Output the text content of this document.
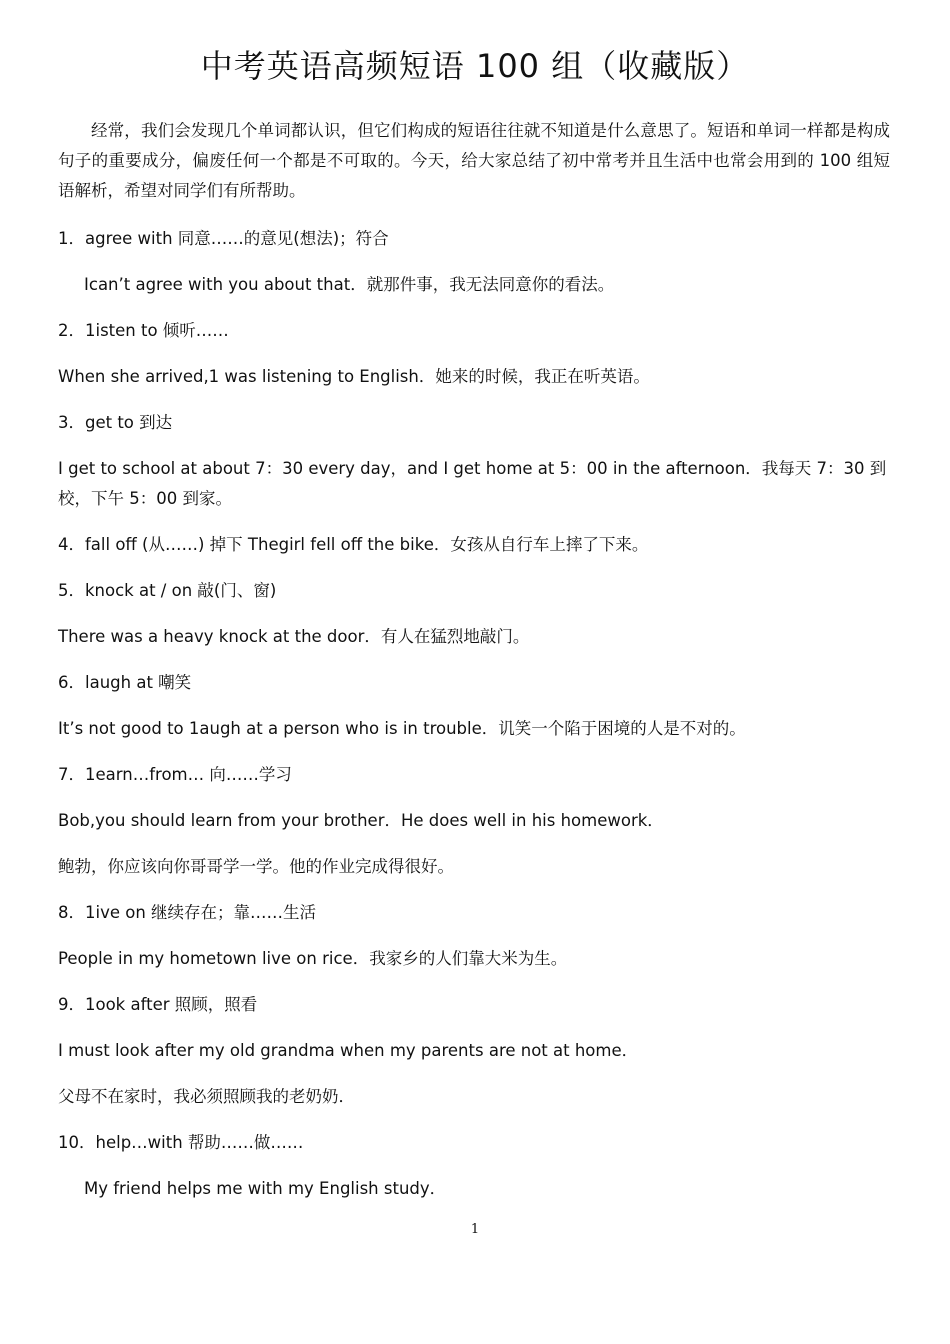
中考英语高频短语 100 组（收藏版）

经常，我们会发现几个单词都认识，但它们构成的短语往往就不知道是什么意思了。短语和单词一样都是构成句子的重要成分，偏废任何一个都是不可取的。今天，给大家总结了初中常考并且生活中也常会用到的 100 组短语解析，希望对同学们有所帮助。

1．agree with 同意……的意见(想法)；符合

Ican’t agree with you about that．就那件事，我无法同意你的看法。

2．1isten to 倾听……

When she arrived,1 was listening to English．她来的时候，我正在听英语。

3．get to 到达

I get to school at about 7：30 every day，and I get home at 5：00 in the afternoon．我每天 7：30 到校，下午 5：00 到家。

4．fall off (从……) 掉下 Thegirl fell off the bike．女孩从自行车上摔了下来。

5．knock at / on 敲(门、窗)

There was a heavy knock at the door．有人在猛烈地敲门。

6．laugh at 嘲笑

It’s not good to 1augh at a person who is in trouble．讥笑一个陷于困境的人是不对的。

7．1earn…from… 向……学习

Bob,you should learn from your brother．He does well in his homework．

鲍勃，你应该向你哥哥学一学。他的作业完成得很好。

8．1ive on 继续存在；靠……生活

People in my hometown live on rice．我家乡的人们靠大米为生。

9．1ook after 照顾，照看

I must look after my old grandma when my parents are not at home．

父母不在家时，我必须照顾我的老奶奶．

10．help…with 帮助……做……

My friend helps me with my English study．

1
